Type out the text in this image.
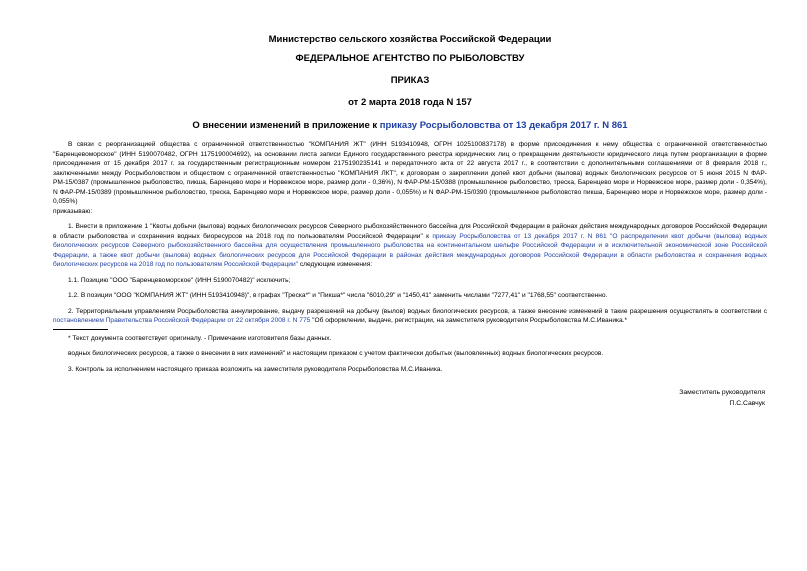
Министерство сельского хозяйства Российской Федерации
ФЕДЕРАЛЬНОЕ АГЕНТСТВО ПО РЫБОЛОВСТВУ
ПРИКАЗ
от 2 марта 2018 года N 157
О внесении изменений в приложение к приказу Росрыболовства от 13 декабря 2017 г. N 861
В связи с реорганизацией общества с ограниченной ответственностью "КОМПАНИЯ ЖТ" (ИНН 5193410948, ОГРН 1025100837178) в форме присоединения к нему общества с ограниченной ответственностью "Баренцевоморское" (ИНН 5190070482, ОГРН 1175190004692), на основании листа записи Единого государственного реестра юридических лиц о прекращении деятельности юридического лица путем реорганизации в форме присоединения от 15 декабря 2017 г. за государственным регистрационным номером 2175190235141 и передаточного акта от 22 августа 2017 г., в соответствии с дополнительными соглашениями от 8 февраля 2018 г., заключенными между Росрыболовством и обществом с ограниченной ответственностью "КОМПАНИЯ ЛКТ", к договорам о закреплении долей квот добычи (вылова) водных биологических ресурсов от 5 июня 2015 N ФАР-РМ-15/0387 (промышленное рыболовство, пикша, Баренцево море и Норвежское море, размер доли - 0,36%), N ФАР-РМ-15/0388 (промышленное рыболовство, треска, Баренцево море и Норвежское море, размер доли - 0,354%), N ФАР-РМ-15/0389 (промышленное рыболовство, треска, Баренцево море и Норвежское море, размер доли - 0,055%) и N ФАР-РМ-15/0390 (промышленное рыболовство пикша, Баренцево море и Норвежское море, размер доли - 0,055%)
приказываю:
1. Внести в приложение 1 "Квоты добычи (вылова) водных биологических ресурсов Северного рыбохозяйственного бассейна для Российской Федерации в районах действия международных договоров Российской Федерации в области рыболовства и сохранения водных биоресурсов на 2018 год по пользователям Российской Федерации" к приказу Росрыболовства от 13 декабря 2017 г. N 861 "О распределении квот добычи (вылова) водных биологических ресурсов Северного рыбохозяйственного бассейна для осуществления промышленного рыболовства на континентальном шельфе Российской Федерации и в исключительной экономической зоне Российской Федерации, а также квот добычи (вылова) водных биологических ресурсов для Российской Федерации в районах действия международных договоров Российской Федерации в области рыболовства и сохранения водных биологических ресурсов на 2018 год по пользователям Российской Федерации" следующие изменения:
1.1. Позицию "ООО "Баренцевоморское" (ИНН 5190070482)" исключить;
1.2. В позиции "ООО "КОМПАНИЯ ЖТ" (ИНН 5193410948)", в графах "Треска*" и "Пикша*" числа "6010,29" и "1450,41" заменить числами "7277,41" и "1768,55" соответственно.
2. Территориальным управлениям Росрыболовства аннулирование, выдачу разрешений на добычу (вылов) водных биологических ресурсов, а также внесение изменений в такие разрешения осуществлять в соответствии с постановлением Правительства Российской Федерации от 22 октября 2008 г. N 775 "Об оформлении, выдаче, регистрации, на заместителя руководителя Росрыболовства М.С.Иваника.*
* Текст документа соответствует оригиналу. - Примечание изготовителя базы данных.
водных биологических ресурсов, а также о внесении в них изменений" и настоящим приказом с учетом фактически добытых (выловленных) водных биологических ресурсов.
3. Контроль за исполнением настоящего приказа возложить на заместителя руководителя Росрыболовства М.С.Иваника.
Заместитель руководителя
П.С.Савчук
